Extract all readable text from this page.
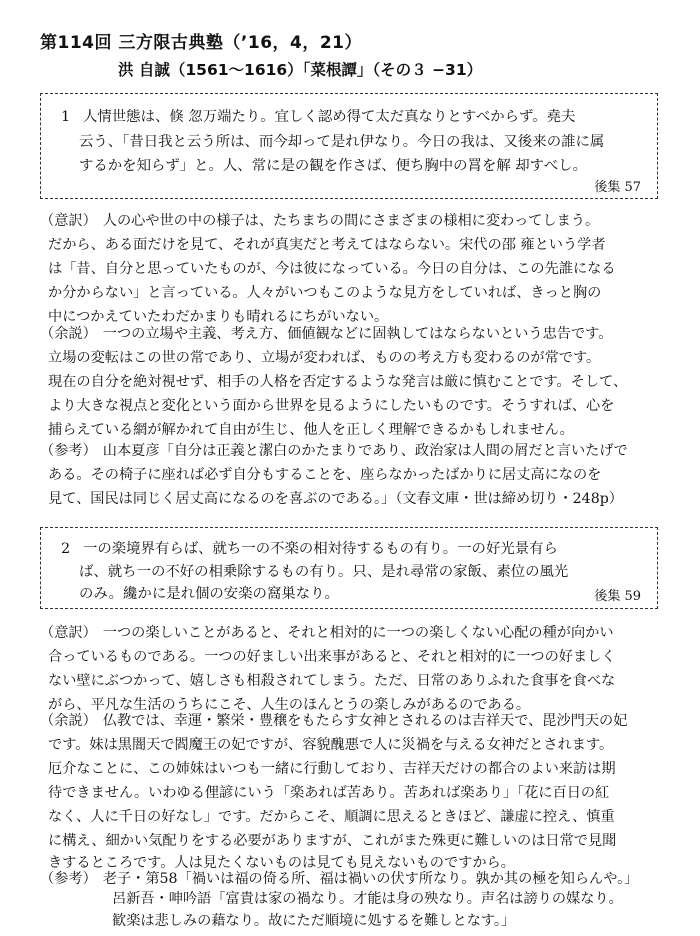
第114回 三方限古典塾（’16，4，21）
洪 自誠（1561〜1616）「菜根譚」（その３ −31）
1 人情世態は、倏 忽万端たり。宜しく認め得て太だ真なりとすべからず。堯夫
云う、「昔日我と云う所は、而今却って是れ伊なり。今日の我は、又後来の誰に属
するかを知らず」と。人、常に是の観を作さば、便ち胸中の罥を解 却すべし。
後集 57
（意訳） 人の心や世の中の様子は、たちまちの間にさまざまの様相に変わってしまう。
だから、ある面だけを見て、それが真実だと考えてはならない。宋代の邵 雍という学者
は「昔、自分と思っていたものが、今は彼になっている。今日の自分は、この先誰になる
か分からない」と言っている。人々がいつもこのような見方をしていれば、きっと胸の
中につかえていたわだかまりも晴れるにちがいない。
（余説） 一つの立場や主義、考え方、価値観などに固執してはならないという忠告です。
立場の変転はこの世の常であり、立場が変われば、ものの考え方も変わるのが常です。
現在の自分を絶対視せず、相手の人格を否定するような発言は厳に慎むことです。そして、
より大きな視点と変化という面から世界を見るようにしたいものです。そうすれば、心を
捕らえている網が解かれて自由が生じ、他人を正しく理解できるかもしれません。
（参考） 山本夏彦「自分は正義と潔白のかたまりであり、政治家は人間の屑だと言いたげで
ある。その椅子に座れば必ず自分もすることを、座らなかったばかりに居丈高になのを
見て、国民は同じく居丈高になるのを喜ぶのである。」（文春文庫・世は締め切り・248p）
2 一の楽境界有らば、就ち一の不楽の相対待するもの有り。一の好光景有ら
ば、就ち一の不好の相乗除するもの有り。只、是れ尋常の家飯、素位の風光
のみ。纔かに是れ個の安楽の窩巣なり。	後集 59
（意訳） 一つの楽しいことがあると、それと相対的に一つの楽しくない心配の種が向かい
合っているものである。一つの好ましい出来事があると、それと相対的に一つの好ましく
ない壁にぶつかって、嬉しさも相殺されてしまう。ただ、日常のありふれた食事を食べな
がら、平凡な生活のうちにこそ、人生のほんとうの楽しみがあるのである。
（余説） 仏教では、幸運・繁栄・豊穣をもたらす女神とされるのは吉祥天で、毘沙門天の妃
です。妹は黒闇天で閻魔王の妃ですが、容貌醜悪で人に災禍を与える女神だとされます。
厄介なことに、この姉妹はいつも一緒に行動しており、吉祥天だけの都合のよい来訪は期
待できません。いわゆる俚諺にいう「楽あれば苦あり。苦あれば楽あり」「花に百日の紅
なく、人に千日の好なし」です。だからこそ、順調に思えるときほど、謙虚に控え、慎重
に構え、細かい気配りをする必要がありますが、これがまた殊更に難しいのは日常で見聞
きするところです。人は見たくないものは見ても見えないものですから。
（参考） 老子・第58「禍いは福の倚る所、福は禍いの伏す所なり。孰か其の極を知らんや。」
呂新吾・呻吟語「富貴は家の禍なり。才能は身の殃なり。声名は謗りの媒なり。
歓楽は悲しみの藉なり。故にただ順境に処するを難しとなす。」
